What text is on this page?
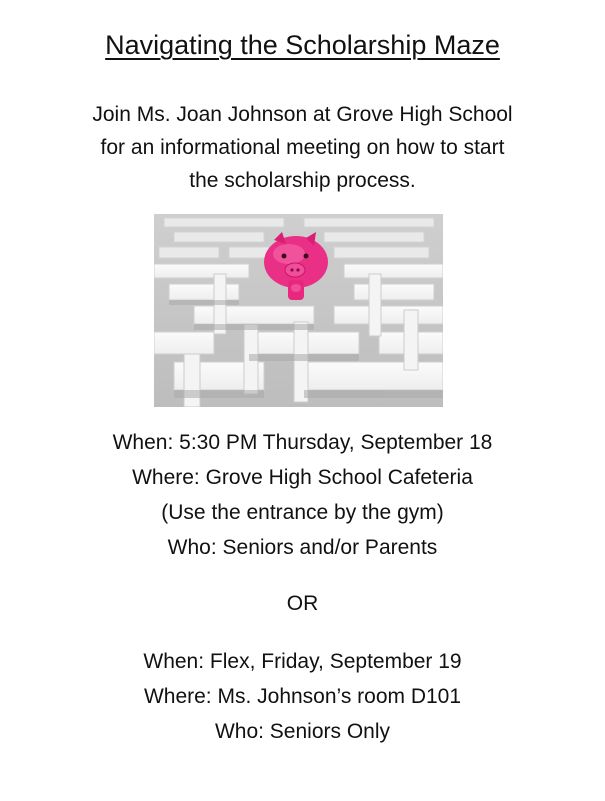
Navigating the Scholarship Maze
Join Ms. Joan Johnson at Grove High School
for an informational meeting on how to start
the scholarship process.
When: 5:30 PM Thursday, September 18
Where: Grove High School Cafeteria
(Use the entrance by the gym)
Who: Seniors and/or Parents
OR
When: Flex, Friday, September 19
Where: Ms. Johnson’s room D101
Who: Seniors Only
